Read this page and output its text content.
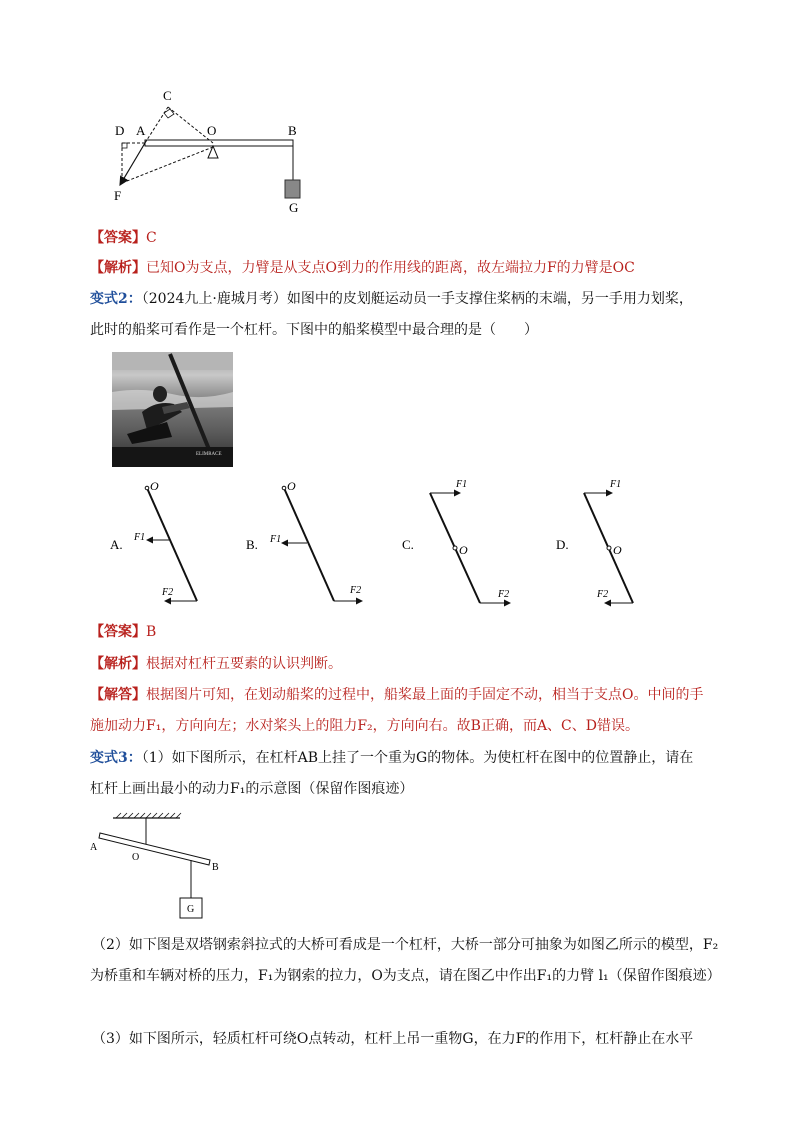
C
D A	O	B
F
G
【答案】C
【解析】已知O为支点，力臂是从支点O到力的作用线的距离，故左端拉力F的力臂是OC
变式2：（2024九上·鹿城月考）如图中的皮划艇运动员一手支撑住桨柄的末端，另一手用力划桨，
此时的船桨可看作是一个杠杆。下图中的船桨模型中最合理的是（　　）
ELIMRACE
A.
O
F1
F2
B.
O
F1
F2
C.
F1
O
F2
D.
F1
O
F2
【答案】B
【解析】根据对杠杆五要素的认识判断。
【解答】根据图片可知，在划动船桨的过程中，船桨最上面的手固定不动，相当于支点O。中间的手
施加动力F₁，方向向左；水对桨头上的阻力F₂，方向向右。故B正确，而A、C、D错误。
变式3：（1）如下图所示，在杠杆AB上挂了一个重为G的物体。为使杠杆在图中的位置静止，请在
杠杆上画出最小的动力F₁的示意图（保留作图痕迹）
A
O
B
G
（2）如下图是双塔钢索斜拉式的大桥可看成是一个杠杆，大桥一部分可抽象为如图乙所示的模型，F₂
为桥重和车辆对桥的压力，F₁为钢索的拉力，O为支点，请在图乙中作出F₁的力臂 l₁（保留作图痕迹）
（3）如下图所示，轻质杠杆可绕O点转动，杠杆上吊一重物G，在力F的作用下，杠杆静止在水平
